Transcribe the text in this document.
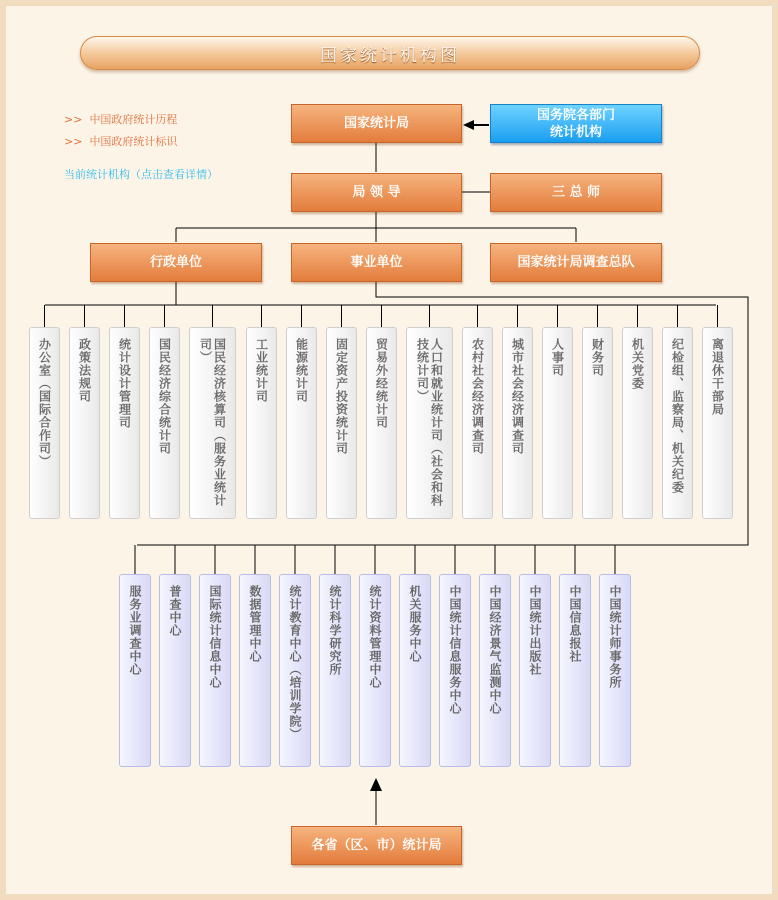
国家统计机构图
>> 中国政府统计历程
>> 中国政府统计标识
当前统计机构（点击查看详情）
国家统计局
国务院各部门统计机构
局 领 导	三 总 师
行政单位	事业单位	国家统计局调查总队
办公室（国际合作司）	政策法规司	统计设计管理司	国民经济综合统计司	国民经济核算司（服务业统计司）	工业统计司	能源统计司	固定资产投资统计司	贸易外经统计司	人口和就业统计司（社会和科技统计司）	农村社会经济调查司	城市社会经济调查司	人事司	财务司	机关党委	纪检组、监察局、机关纪委	离退休干部局
服务业调查中心	普查中心	国际统计信息中心	数据管理中心	统计教育中心（培训学院）	统计科学研究所	统计资料管理中心	机关服务中心	中国统计信息服务中心	中国经济景气监测中心	中国统计出版社	中国信息报社	中国统计师事务所
各省（区、市）统计局
